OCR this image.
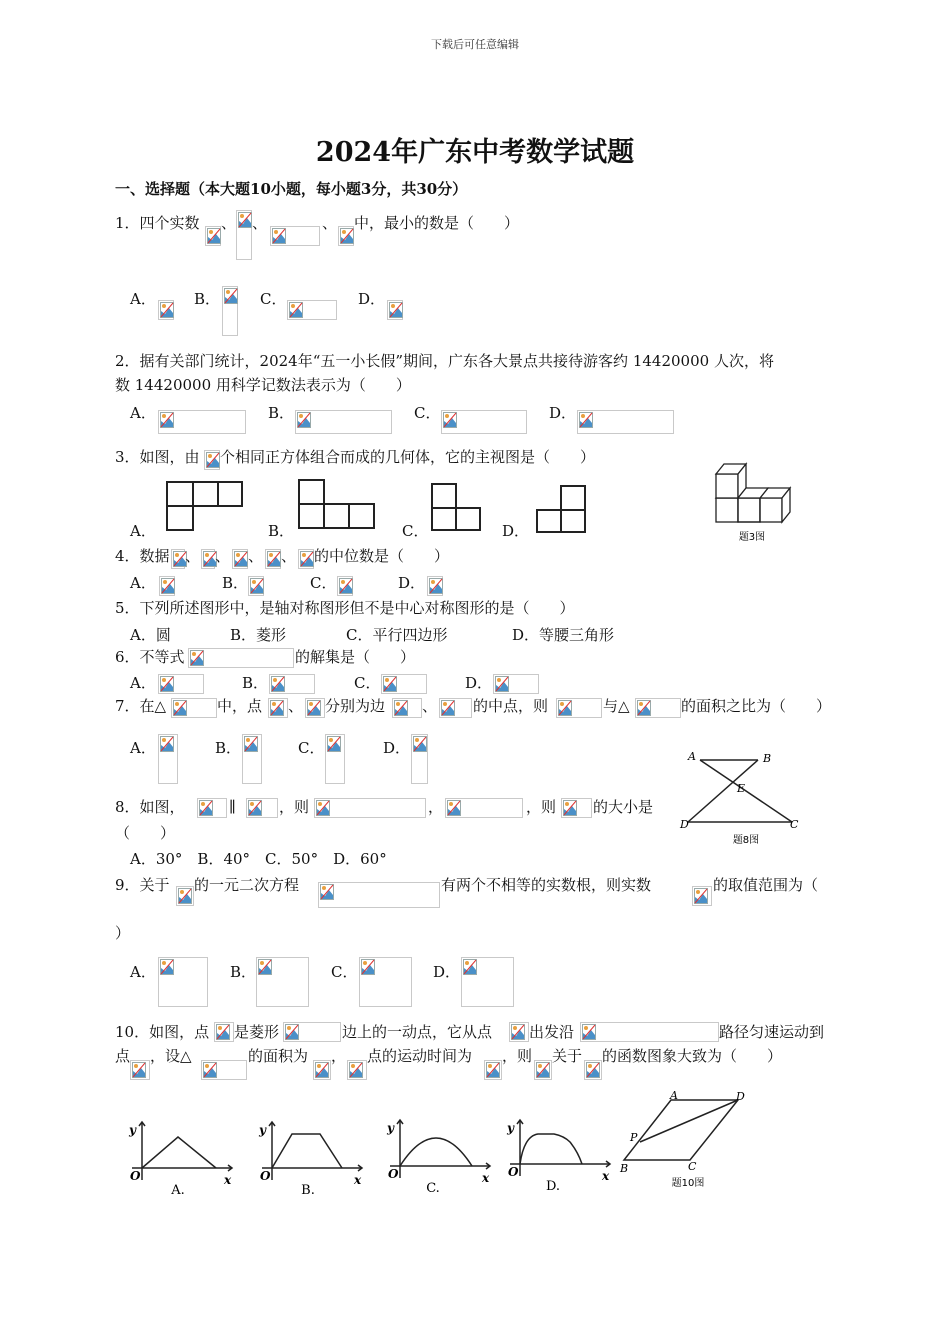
下载后可任意编辑
2024年广东中考数学试题
一、选择题（本大题10小题，每小题3分，共30分）
1．四个实数 、 、	、 中，最小的数是（　　）
A．	B．	C．	D．
2．据有关部门统计，2024年“五一小长假”期间，广东各大景点共接待游客约 14420000 人次，将
数 14420000 用科学记数法表示为（　　）
A．	B．	C．	D．
3．如图，由 个相同正方体组合而成的几何体，它的主视图是（　　）
A．	B．	C．	D．	题3图
4．数据 、 、 、 、 的中位数是（　　）
A．	B．	C．	D．
5．下列所述图形中，是轴对称图形但不是中心对称图形的是（　　）
A．圆	B．菱形	C．平行四边形	D．等腰三角形
6．不等式	的解集是（　　）
A．	B．	C．	D．
7．在△	中，点 、 分别为边 、 的中点，则	与△	的面积之比为（　　）
A．	B．	C．	D．
8．如图，	∥	，则	，	，则 的大小是
（　　）
A．30°　B．40°　C．50°　D．60°
A	B
E
D	C
题8图
9．关于 的一元二次方程	有两个不相等的实数根，则实数	的取值范围为（
）
A．	B．	C．	D．
10．如图，点 是菱形	边上的一动点，它从点 出发沿	路径匀速运动到
点 ，设△	的面积为 ， 点的运动时间为 ，则 关于 的函数图象大致为（　　）
y
x
O
A.
y
x
O
B.
y
x
O
C.
y
x
O
D.
A	D
P
B	C
题10图
